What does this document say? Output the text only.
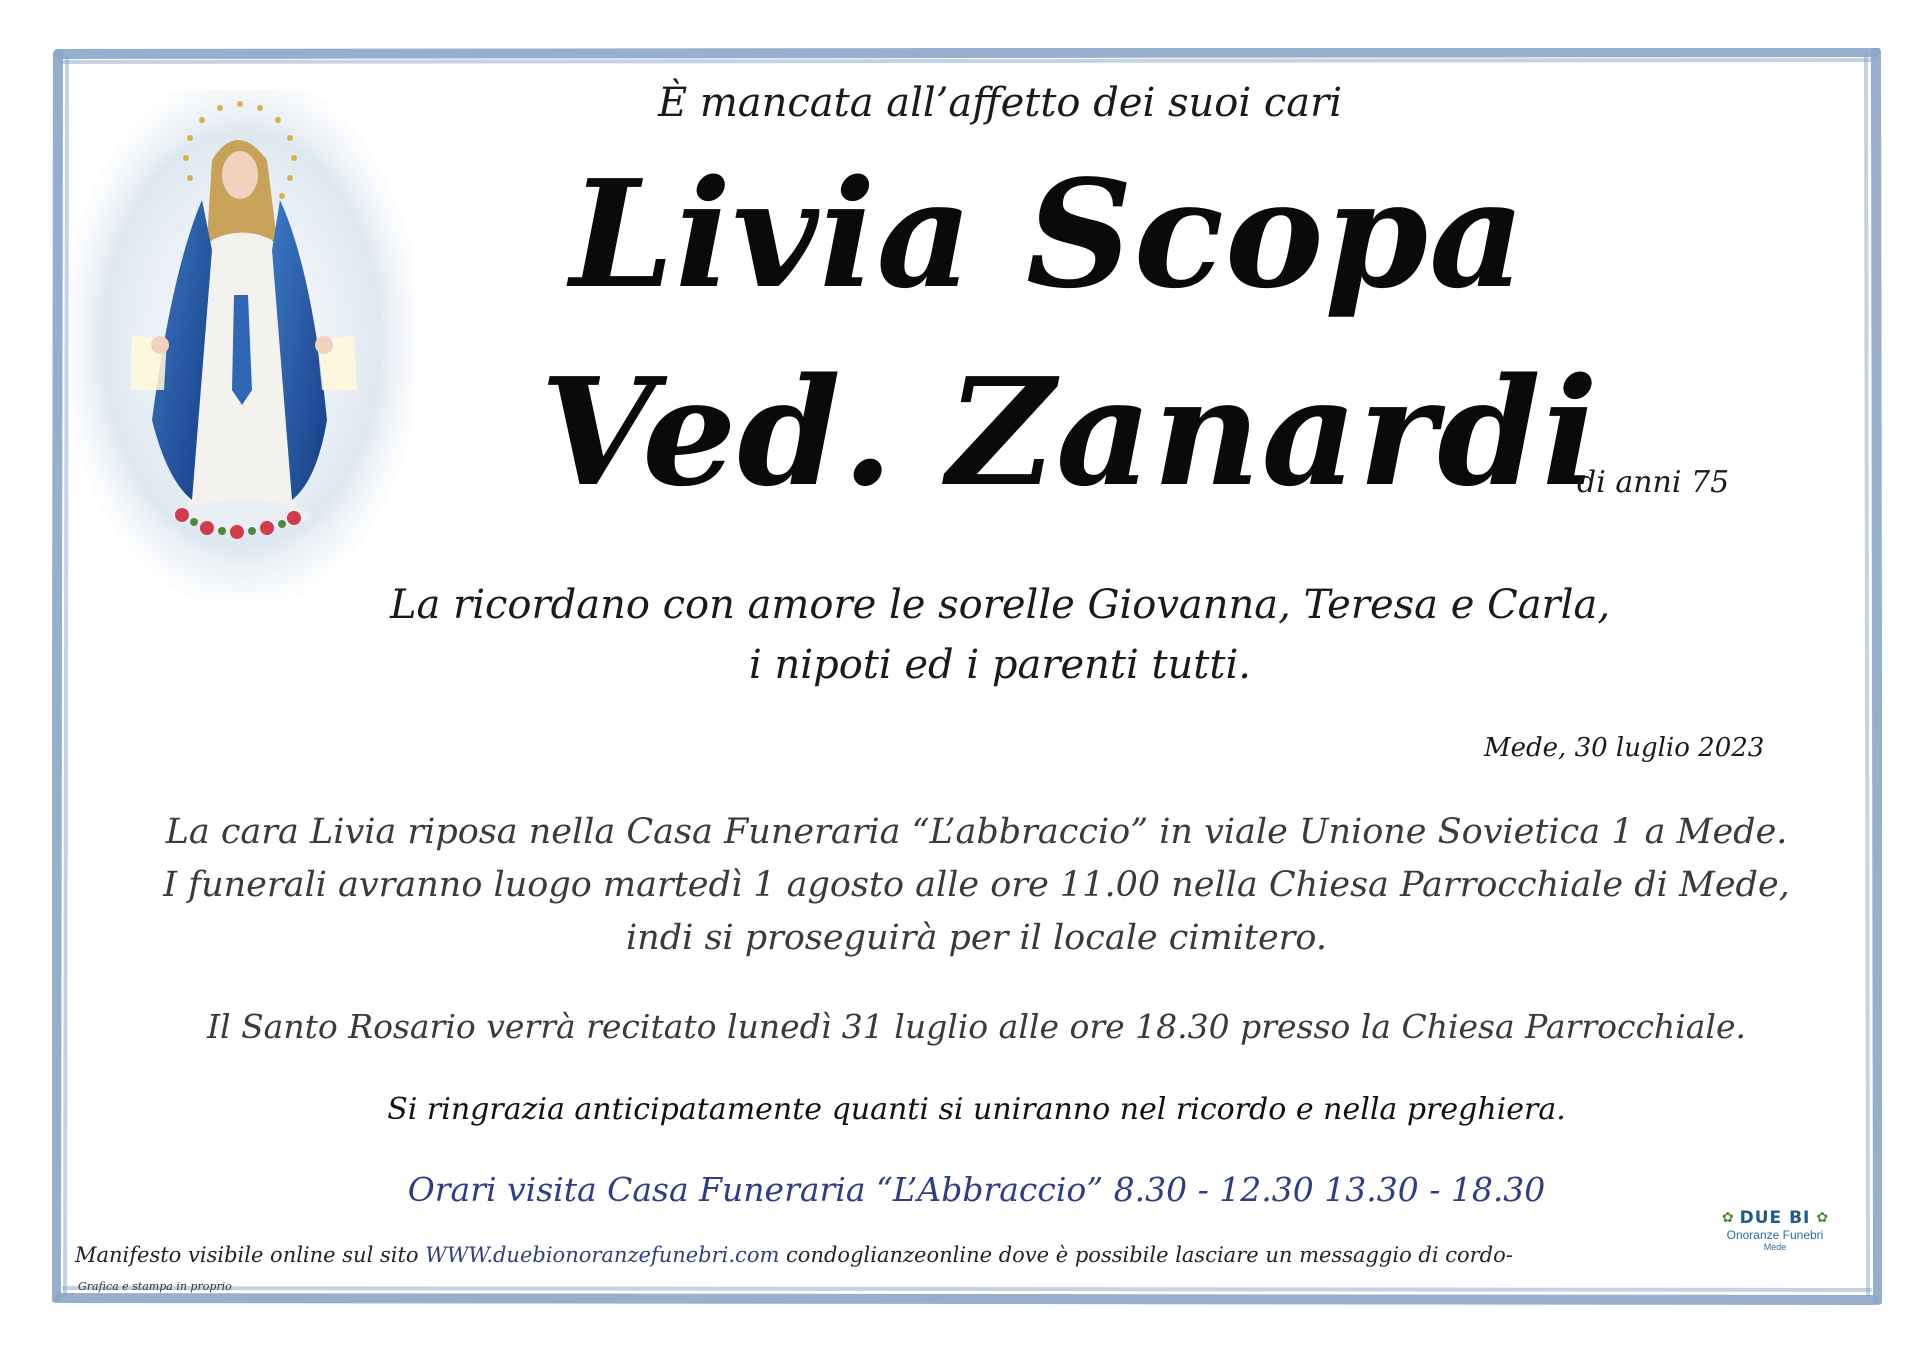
È mancata all’affetto dei suoi cari
Livia Scopa
Ved. Zanardi
di anni 75
La ricordano con amore le sorelle Giovanna, Teresa e Carla,
i nipoti ed i parenti tutti.
Mede, 30 luglio 2023
La cara Livia riposa nella Casa Funeraria “L’abbraccio” in viale Unione Sovietica 1 a Mede.
I funerali avranno luogo martedì 1 agosto alle ore 11.00 nella Chiesa Parrocchiale di Mede,
indi si proseguirà per il locale cimitero.
Il Santo Rosario verrà recitato lunedì 31 luglio alle ore 18.30 presso la Chiesa Parrocchiale.
Si ringrazia anticipatamente quanti si uniranno nel ricordo e nella preghiera.
Orari visita Casa Funeraria “L’Abbraccio” 8.30 - 12.30 13.30 - 18.30
Manifesto visibile online sul sito WWW.duebionoranzefunebri.com condoglianzeonline dove è possibile lasciare un messaggio di cordo-
Grafica e stampa in proprio
✿ DUE BI ✿
Onoranze Funebri
Mede
